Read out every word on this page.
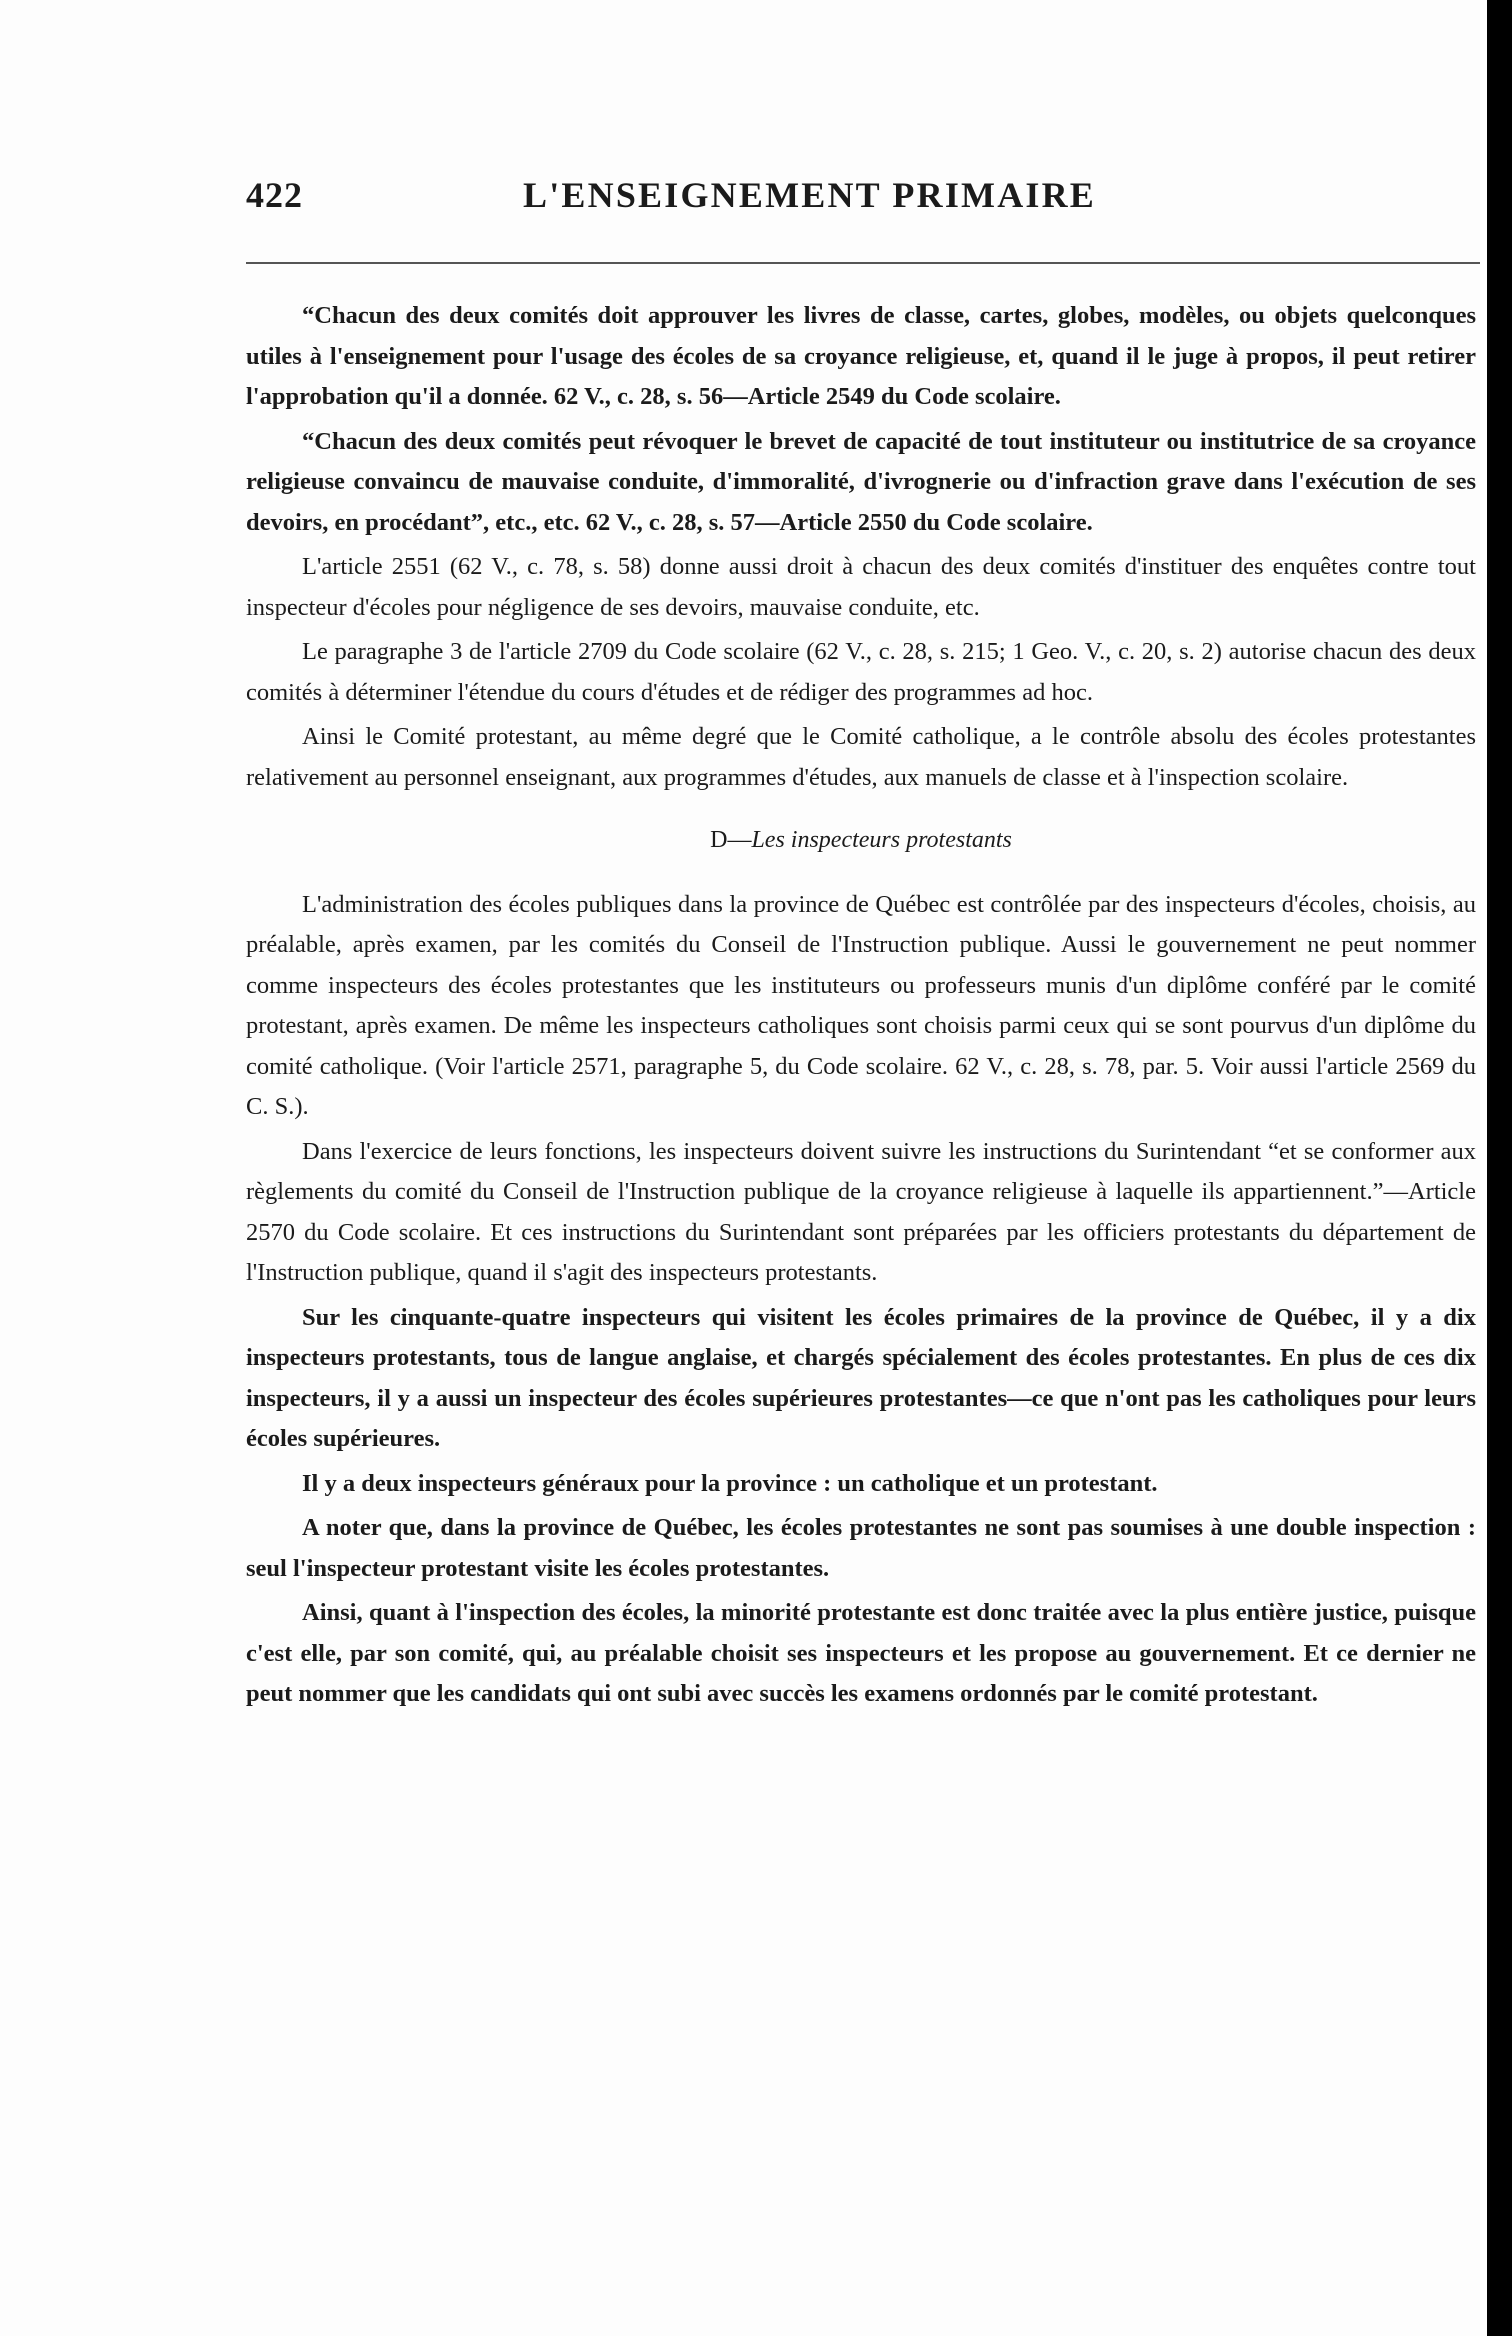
422	L'ENSEIGNEMENT PRIMAIRE

“Chacun des deux comités doit approuver les livres de classe, cartes, globes, modèles, ou objets quelconques utiles à l'enseignement pour l'usage des écoles de sa croyance religieuse, et, quand il le juge à propos, il peut retirer l'approbation qu'il a donnée. 62 V., c. 28, s. 56—Article 2549 du Code scolaire.

“Chacun des deux comités peut révoquer le brevet de capacité de tout instituteur ou institutrice de sa croyance religieuse convaincu de mauvaise conduite, d'immoralité, d'ivrognerie ou d'infraction grave dans l'exécution de ses devoirs, en procédant”, etc., etc. 62 V., c. 28, s. 57—Article 2550 du Code scolaire.

L'article 2551 (62 V., c. 78, s. 58) donne aussi droit à chacun des deux comités d'instituer des enquêtes contre tout inspecteur d'écoles pour négligence de ses devoirs, mauvaise conduite, etc.

Le paragraphe 3 de l'article 2709 du Code scolaire (62 V., c. 28, s. 215; 1 Geo. V., c. 20, s. 2) autorise chacun des deux comités à déterminer l'étendue du cours d'études et de rédiger des programmes ad hoc.

Ainsi le Comité protestant, au même degré que le Comité catholique, a le contrôle absolu des écoles protestantes relativement au personnel enseignant, aux programmes d'études, aux manuels de classe et à l'inspection scolaire.

D—Les inspecteurs protestants

L'administration des écoles publiques dans la province de Québec est contrôlée par des inspecteurs d'écoles, choisis, au préalable, après examen, par les comités du Conseil de l'Instruction publique. Aussi le gouvernement ne peut nommer comme inspecteurs des écoles protestantes que les instituteurs ou professeurs munis d'un diplôme conféré par le comité protestant, après examen. De même les inspecteurs catholiques sont choisis parmi ceux qui se sont pourvus d'un diplôme du comité catholique. (Voir l'article 2571, paragraphe 5, du Code scolaire. 62 V., c. 28, s. 78, par. 5. Voir aussi l'article 2569 du C. S.).

Dans l'exercice de leurs fonctions, les inspecteurs doivent suivre les instructions du Surintendant “et se conformer aux règlements du comité du Conseil de l'Instruction publique de la croyance religieuse à laquelle ils appartiennent.”—Article 2570 du Code scolaire. Et ces instructions du Surintendant sont préparées par les officiers protestants du département de l'Instruction publique, quand il s'agit des inspecteurs protestants.

Sur les cinquante-quatre inspecteurs qui visitent les écoles primaires de la province de Québec, il y a dix inspecteurs protestants, tous de langue anglaise, et chargés spécialement des écoles protestantes. En plus de ces dix inspecteurs, il y a aussi un inspecteur des écoles supérieures protestantes—ce que n'ont pas les catholiques pour leurs écoles supérieures.

Il y a deux inspecteurs généraux pour la province : un catholique et un protestant.

A noter que, dans la province de Québec, les écoles protestantes ne sont pas soumises à une double inspection : seul l'inspecteur protestant visite les écoles protestantes.

Ainsi, quant à l'inspection des écoles, la minorité protestante est donc traitée avec la plus entière justice, puisque c'est elle, par son comité, qui, au préalable choisit ses inspecteurs et les propose au gouvernement. Et ce dernier ne peut nommer que les candidats qui ont subi avec succès les examens ordonnés par le comité protestant.
